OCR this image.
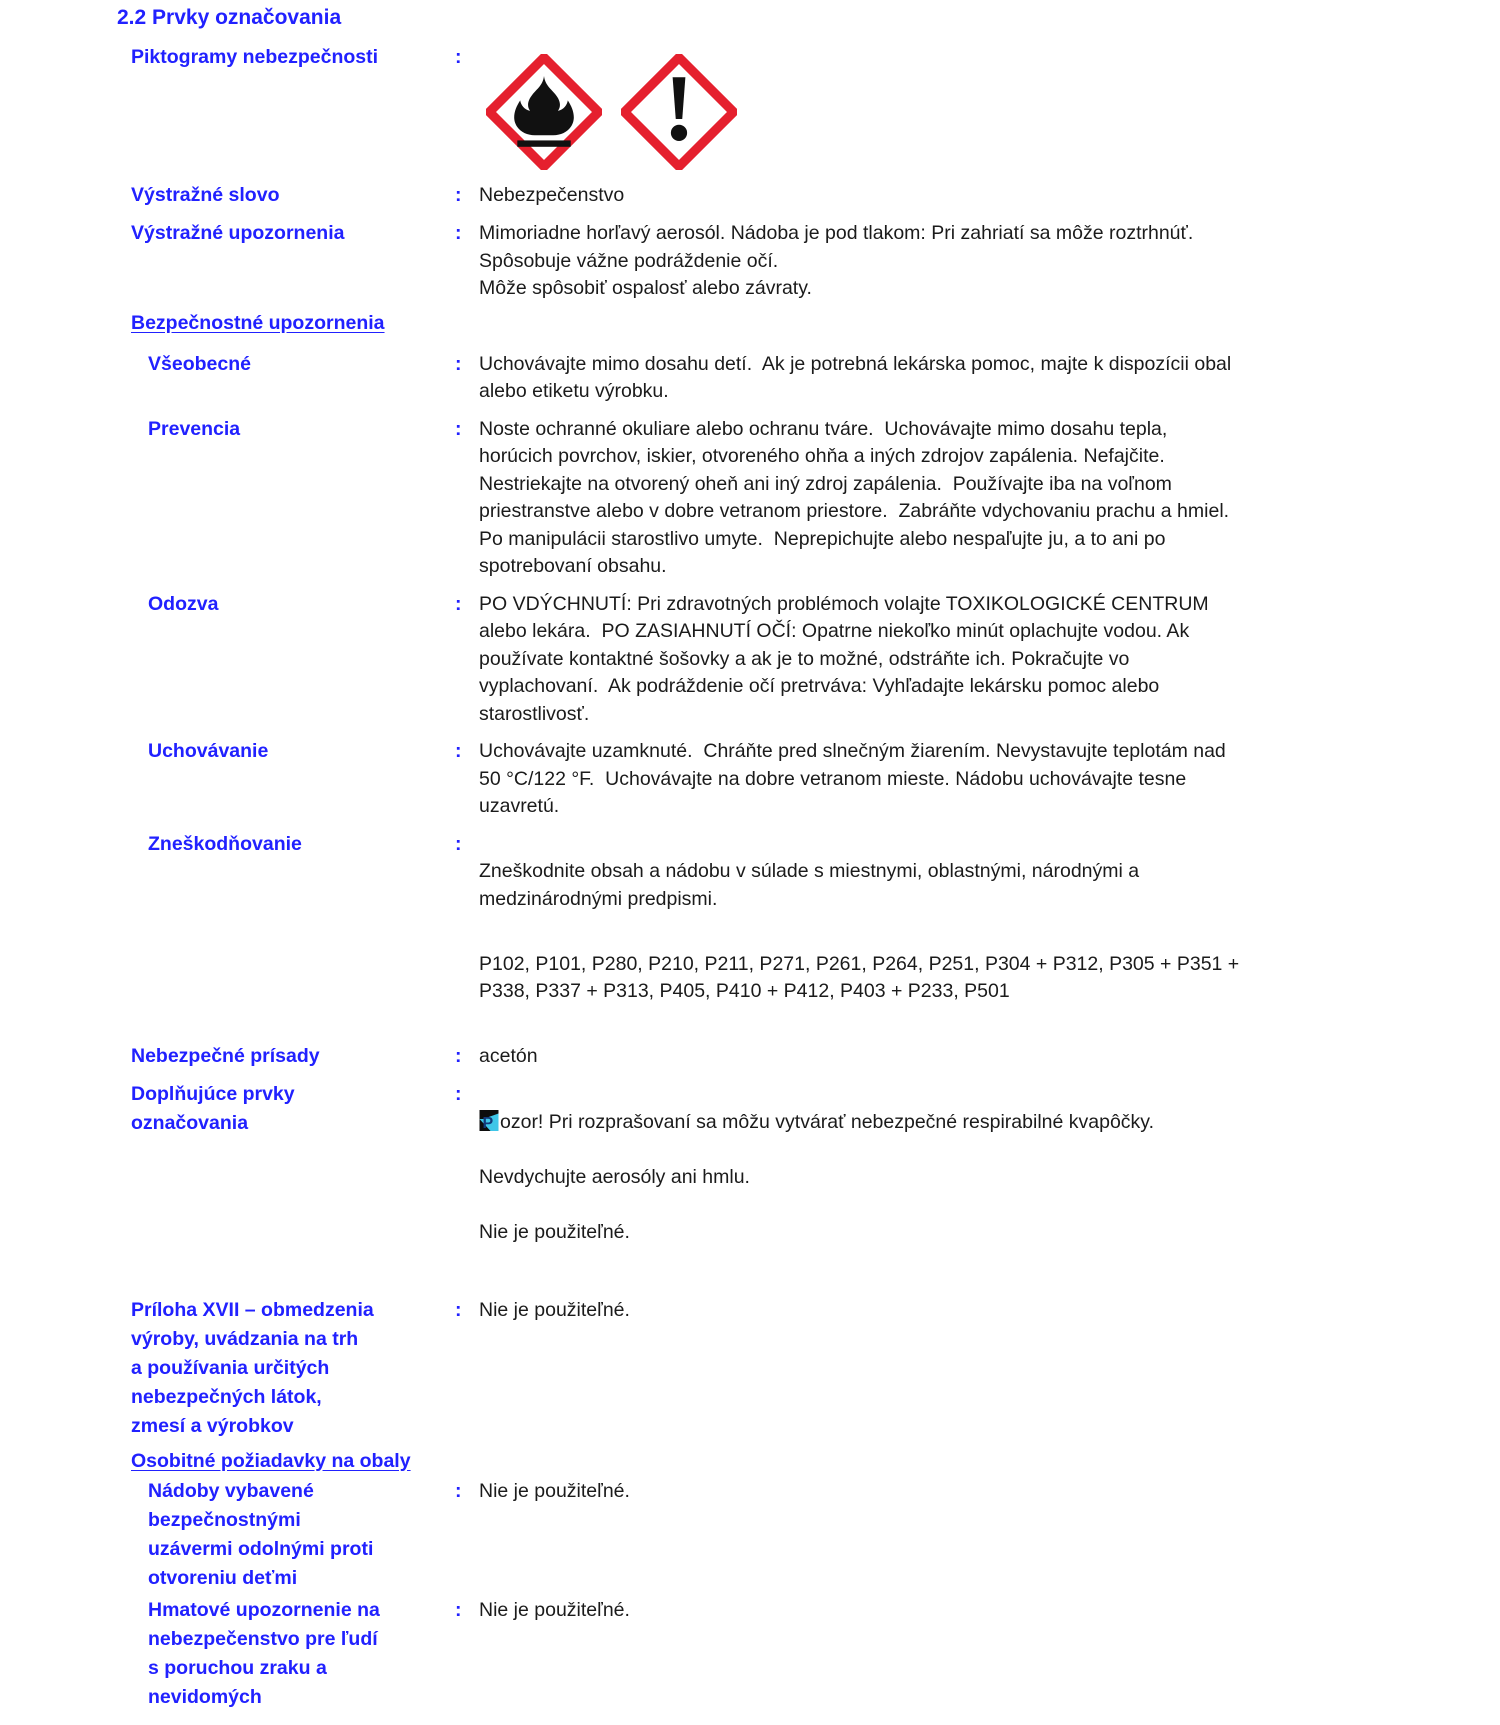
2.2 Prvky označovania
Piktogramy nebezpečnosti	:
Výstražné slovo	: Nebezpečenstvo
Výstražné upozornenia	: Mimoriadne horľavý aerosól. Nádoba je pod tlakom: Pri zahriatí sa môže roztrhnúť.
Spôsobuje vážne podráždenie očí.
Môže spôsobiť ospalosť alebo závraty.
Bezpečnostné upozornenia
Všeobecné	: Uchovávajte mimo dosahu detí.  Ak je potrebná lekárska pomoc, majte k dispozícii obal
alebo etiketu výrobku.
Prevencia	: Noste ochranné okuliare alebo ochranu tváre.  Uchovávajte mimo dosahu tepla,
horúcich povrchov, iskier, otvoreného ohňa a iných zdrojov zapálenia. Nefajčite.
Nestriekajte na otvorený oheň ani iný zdroj zapálenia.  Používajte iba na voľnom
priestranstve alebo v dobre vetranom priestore.  Zabráňte vdychovaniu prachu a hmiel.
Po manipulácii starostlivo umyte.  Neprepichujte alebo nespaľujte ju, a to ani po
spotrebovaní obsahu.
Odozva	: PO VDÝCHNUTÍ: Pri zdravotných problémoch volajte TOXIKOLOGICKÉ CENTRUM
alebo lekára.  PO ZASIAHNUTÍ OČÍ: Opatrne niekoľko minút oplachujte vodou. Ak
používate kontaktné šošovky a ak je to možné, odstráňte ich. Pokračujte vo
vyplachovaní.  Ak podráždenie očí pretrváva: Vyhľadajte lekársku pomoc alebo
starostlivosť.
Uchovávanie	: Uchovávajte uzamknuté.  Chráňte pred slnečným žiarením. Nevystavujte teplotám nad
50 °C/122 °F.  Uchovávajte na dobre vetranom mieste. Nádobu uchovávajte tesne
uzavretú.
Zneškodňovanie	:

Zneškodnite obsah a nádobu v súlade s miestnymi, oblastnými, národnými a
medzinárodnými predpismi.

P102, P101, P280, P210, P211, P271, P261, P264, P251, P304 + P312, P305 + P351 +
P338, P337 + P313, P405, P410 + P412, P403 + P233, P501

Nebezpečné prísady	: acetón
Doplňujúce prvky
označovania
:

P ozor! Pri rozprašovaní sa môžu vytvárať nebezpečné respirabilné kvapôčky.

Nevdychujte aerosóly ani hmlu.

Nie je použiteľné.

Príloha XVII – obmedzenia
výroby, uvádzania na trh
a používania určitých
nebezpečných látok,
zmesí a výrobkov
: Nie je použiteľné.
Osobitné požiadavky na obaly
Nádoby vybavené
bezpečnostnými
uzávermi odolnými proti
otvoreniu deťmi
: Nie je použiteľné.
Hmatové upozornenie na
nebezpečenstvo pre ľudí
s poruchou zraku a
nevidomých
: Nie je použiteľné.
